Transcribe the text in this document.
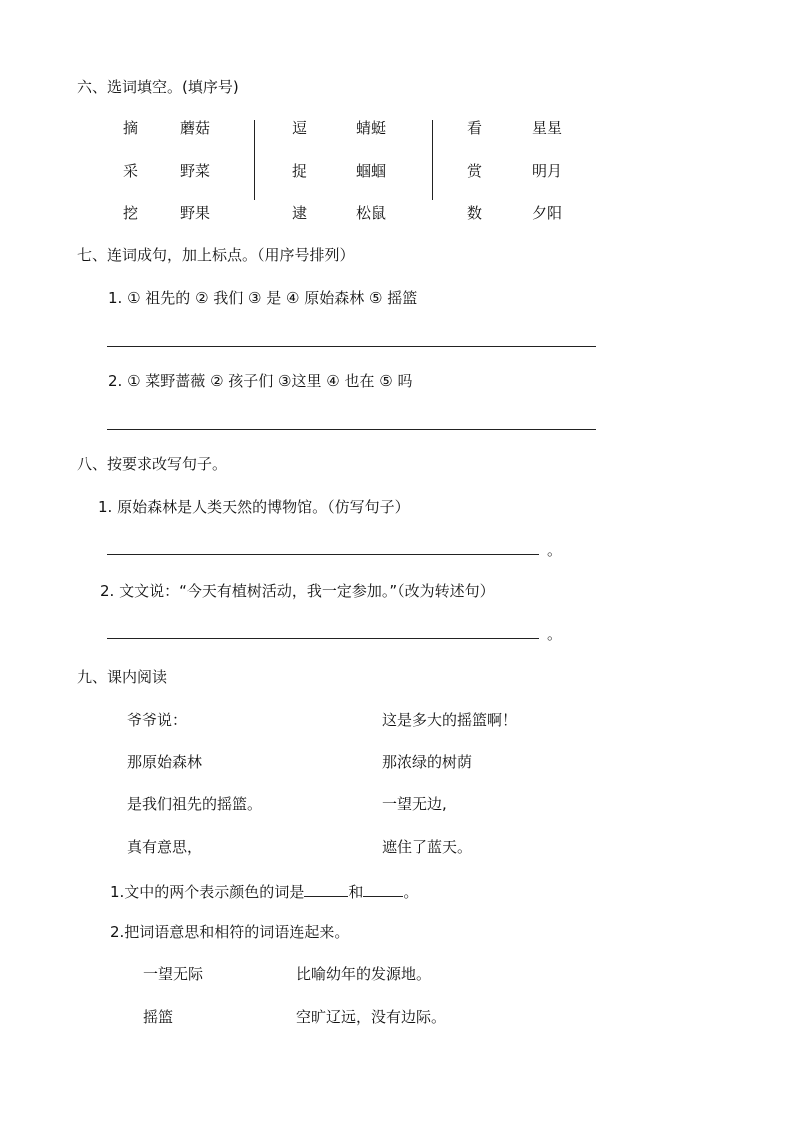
六、选词填空。(填序号)
摘
采
挖
蘑菇
野菜
野果
逗
捉
逮
蜻蜓
蝈蝈
松鼠
看
赏
数
星星
明月
夕阳
七、连词成句，加上标点。（用序号排列）
1. ① 祖先的 ② 我们 ③ 是 ④ 原始森林 ⑤ 摇篮
2. ① 菜野蔷薇 ② 孩子们 ③这里 ④ 也在 ⑤ 吗
八、按要求改写句子。
1. 原始森林是人类天然的博物馆。（仿写句子）
。
2. 文文说：“今天有植树活动，我一定参加。”（改为转述句）
。
九、课内阅读
爷爷说：
那原始森林
是我们祖先的摇篮。
真有意思，
这是多大的摇篮啊！
那浓绿的树荫
一望无边,
遮住了蓝天。
1.文中的两个表示颜色的词是	和	。
2.把词语意思和相符的词语连起来。
一望无际
摇篮
比喻幼年的发源地。
空旷辽远，没有边际。
